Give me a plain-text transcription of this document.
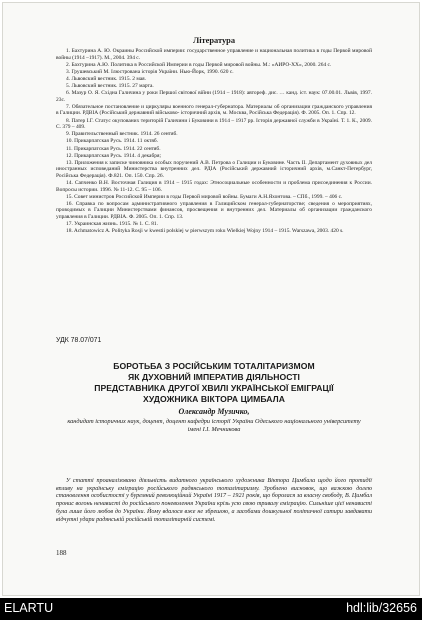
Література
1. Бахтурина А. Ю. Окраины Российской империи: государственное управление и национальная политика в годы Первой мировой войны (1914 –1917). М., 2004. 394 с.
2. Бахтурина А.Ю. Политика в Российской Империи в годы Первой мировой войны. М.: «АИРО-ХХ», 2000. 264 с.
3. Грушевський М. Ілюстрована історія України. Нью-Йорк, 1990. 620 с.
4. Львовский вестник. 1915. 2 мая.
5. Львовский вестник. 1915. 27 марта.
6. Мазур О. Я. Східна Галичина у роки Першої світової війни (1914 – 1918): автореф. дис. … канд. іст. наук: 07.00.01. Львів, 1997. 23с.
7. Обязательное постановление и циркуляры военного генерал-губернатора. Материалы об организации гражданского управления в Галиции. РДВІА (Російський державний військово- історичний архів, м. Москва, Російська Федерація). Ф. 2005. Оп. 1. Спр. 12.
8. Патер І.Г. Статус окупованих територій Галичини і Буковини в 1914 – 1917 рр. Історія державної служби в Україні. Т. 1. К., 2009. С. 379 – 409.
9. Правительственный вестник. 1914. 26 сентяб.
10. Прикарпатская Русь. 1914. 11 октяб.
11. Прикарпатская Русь. 1914. 22 сентяб.
12. Прикарпатская Русь. 1914. 4 декабря;
13. Приложения к записке чиновника особых поручений А.В. Петрова о Галиции и Буковине. Часть II. Департамент духовных дел иностранных исповеданий Министерства внутренних дел. РДІА (Російський державний історичний архів, м.Санкт-Петербург, Російська Федерація). Ф.821. Оп. 150. Спр. 26.
14. Сапченко В.Н. Восточная Галиция в 1914 – 1915 годах: Этносоциальные особенности и проблема присоединения к России. Вопросы истории. 1996. № 11-12. С. 95 – 106.
15. Совет министров Российской Империи в годы Первой мировой войны. Бумаги А.Н.Яхонтова. – СПб., 1999. – 406 с.
16. Справка по вопросам административного управления в Галицийском генерал-губернаторстве; сведения о мероприятиях, проводимых в Галиции Министерствами финансов, просвещения и внутренних дел. Материалы об организации гражданского управления в Галиции. РДВІА. Ф. 2005. Оп. 1. Спр. 13.
17. Украинская жизнь. 1915. № 1. С. 81.
18. Achmatowicz A. Polityka Rosji w kwestii polskiej w pierwszym roku Wielkiej Wojny 1914 – 1915. Warszawa, 2003. 420 s.
УДК 78.07/071
БОРОТЬБА З РОСІЙСЬКИМ ТОТАЛІТАРИЗМОМ
ЯК ДУХОВНИЙ ІМПЕРАТИВ ДІЯЛЬНОСТІ
ПРЕДСТАВНИКА ДРУГОЇ ХВИЛІ УКРАЇНСЬКОЇ ЕМІГРАЦІЇ
ХУДОЖНИКА ВІКТОРА ЦИМБАЛА
Олександр Музичко,
кандидат історичних наук, доцент, доцент кафедри історії України Одеського національного університету імені І.І. Мечникова

У статті проаналізовано діяльність видатного українського художника Віктора Цимбала щодо його протидії впливу на українську еміграцію російського радянського тоталітаризму. Зроблено висновок, що важкою долею становлення особистості у буремний революційний Україні 1917 – 1921 років, що боролася за власну свободу, В. Цимбал пронис вогонь ненависті до російського поневолення України крізь усю свою тривалу еміграцію. Сильніше цієї ненависті була лише його любов до України. Йому вдалося вже не збрешою, а засобами дошкульної політичної сатири завдавати відчутні удари радянській російській тоталітарній системі.

188
ELARTU	hdl:lib/32656
